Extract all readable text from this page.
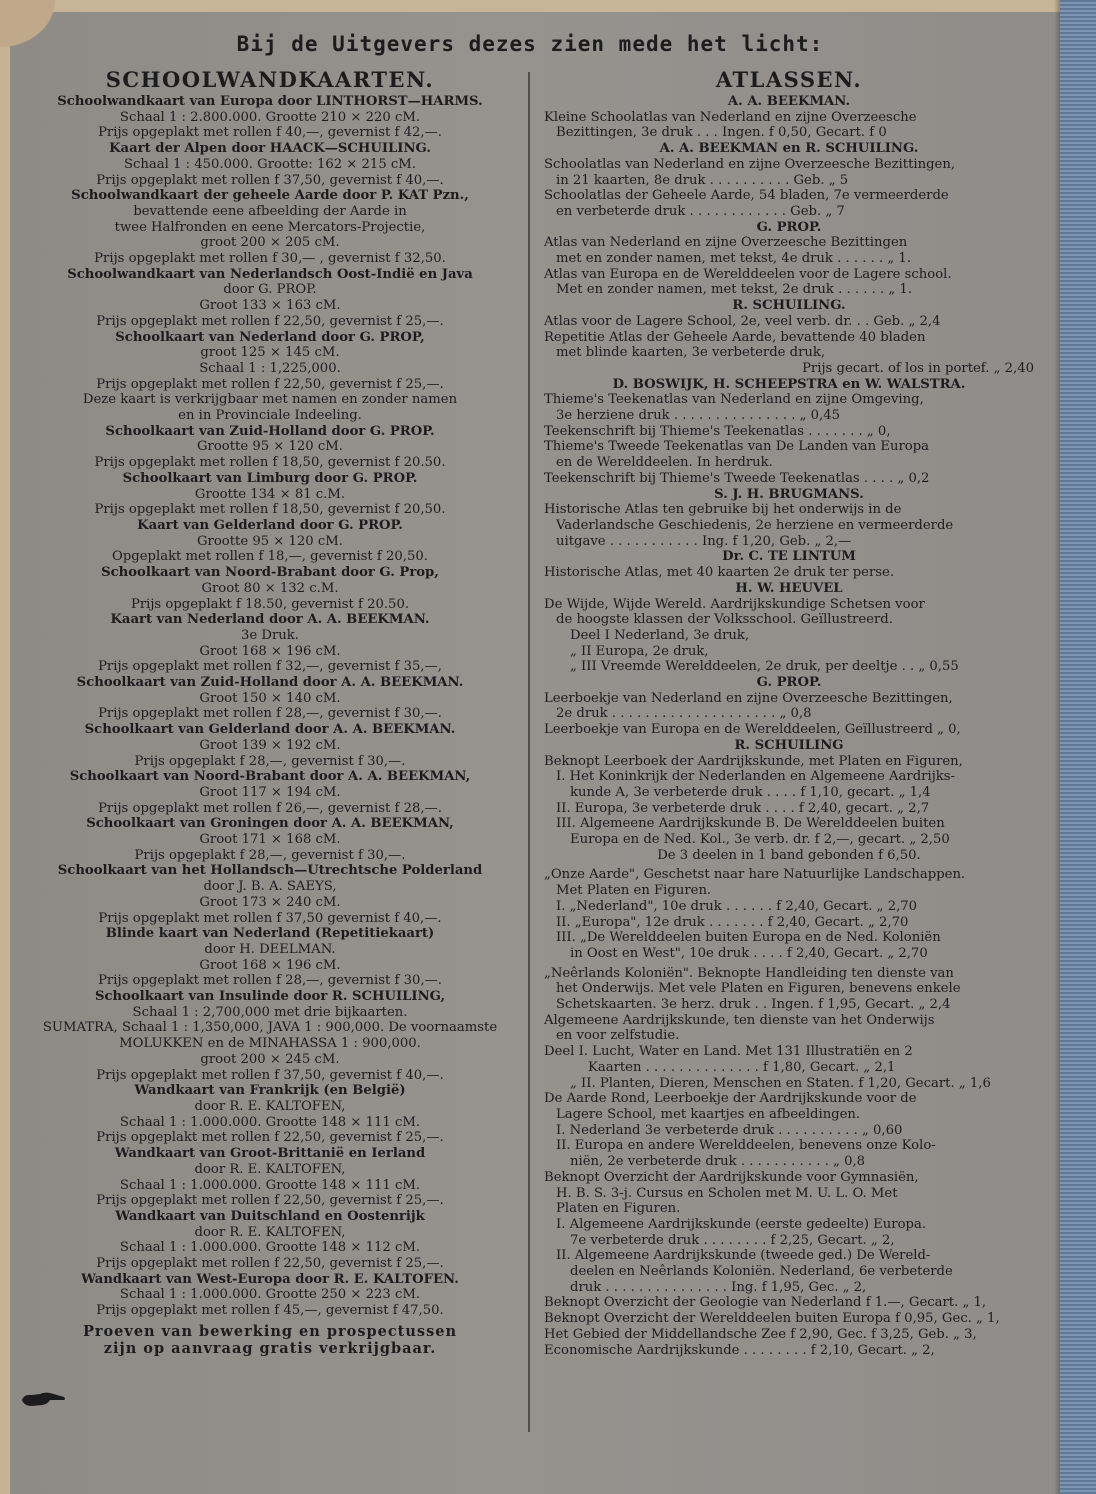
Bij de Uitgevers dezes zien mede het licht:
SCHOOLWANDKAARTEN.
Schoolwandkaart van Europa door LINTHORST—HARMS.
Schaal 1 : 2.800.000. Grootte 210 × 220 cM.
Prijs opgeplakt met rollen f 40,—, gevernist f 42,—.
Kaart der Alpen door HAACK—SCHUILING.
Schaal 1 : 450.000. Grootte: 162 × 215 cM.
Prijs opgeplakt met rollen f 37,50, gevernist f 40,—.
Schoolwandkaart der geheele Aarde door P. KAT Pzn.,
bevattende eene afbeelding der Aarde in
twee Halfronden en eene Mercators-Projectie,
groot 200 × 205 cM.
Prijs opgeplakt met rollen f 30,— , gevernist f 32,50.
Schoolwandkaart van Nederlandsch Oost-Indië en Java
door G. PROP.
Groot 133 × 163 cM.
Prijs opgeplakt met rollen f 22,50, gevernist f 25,—.
Schoolkaart van Nederland door G. PROP,
groot 125 × 145 cM.
Schaal 1 : 1,225,000.
Prijs opgeplakt met rollen f 22,50, gevernist f 25,—.
Deze kaart is verkrijgbaar met namen en zonder namen
en in Provinciale Indeeling.
Schoolkaart van Zuid-Holland door G. PROP.
Grootte 95 × 120 cM.
Prijs opgeplakt met rollen f 18,50, gevernist f 20.50.
Schoolkaart van Limburg door G. PROP.
Grootte 134 × 81 c.M.
Prijs opgeplakt met rollen f 18,50, gevernist f 20,50.
Kaart van Gelderland door G. PROP.
Grootte 95 × 120 cM.
Opgeplakt met rollen f 18,—, gevernist f 20,50.
Schoolkaart van Noord-Brabant door G. Prop,
Groot 80 × 132 c.M.
Prijs opgeplakt f 18.50, gevernist f 20.50.
Kaart van Nederland door A. A. BEEKMAN.
3e Druk.
Groot 168 × 196 cM.
Prijs opgeplakt met rollen f 32,—, gevernist f 35,—,
Schoolkaart van Zuid-Holland door A. A. BEEKMAN.
Groot 150 × 140 cM.
Prijs opgeplakt met rollen f 28,—, gevernist f 30,—.
Schoolkaart van Gelderland door A. A. BEEKMAN.
Groot 139 × 192 cM.
Prijs opgeplakt f 28,—, gevernist f 30,—.
Schoolkaart van Noord-Brabant door A. A. BEEKMAN,
Groot 117 × 194 cM.
Prijs opgeplakt met rollen f 26,—, gevernist f 28,—.
Schoolkaart van Groningen door A. A. BEEKMAN,
Groot 171 × 168 cM.
Prijs opgeplakt f 28,—, gevernist f 30,—.
Schoolkaart van het Hollandsch—Utrechtsche Polderland
door J. B. A. SAEYS,
Groot 173 × 240 cM.
Prijs opgeplakt met rollen f 37,50 gevernist f 40,—.
Blinde kaart van Nederland (Repetitiekaart)
door H. DEELMAN.
Groot 168 × 196 cM.
Prijs opgeplakt met rollen f 28,—, gevernist f 30,—.
Schoolkaart van Insulinde door R. SCHUILING,
Schaal 1 : 2,700,000 met drie bijkaarten.
SUMATRA, Schaal 1 : 1,350,000, JAVA 1 : 900,000. De voornaamste
MOLUKKEN en de MINAHASSA 1 : 900,000.
groot 200 × 245 cM.
Prijs opgeplakt met rollen f 37,50, gevernist f 40,—.
Wandkaart van Frankrijk (en België)
door R. E. KALTOFEN,
Schaal 1 : 1.000.000. Grootte 148 × 111 cM.
Prijs opgeplakt met rollen f 22,50, gevernist f 25,—.
Wandkaart van Groot-Brittanië en Ierland
door R. E. KALTOFEN,
Schaal 1 : 1.000.000. Grootte 148 × 111 cM.
Prijs opgeplakt met rollen f 22,50, gevernist f 25,—.
Wandkaart van Duitschland en Oostenrijk
door R. E. KALTOFEN,
Schaal 1 : 1.000.000. Grootte 148 × 112 cM.
Prijs opgeplakt met rollen f 22,50, gevernist f 25,—.
Wandkaart van West-Europa door R. E. KALTOFEN.
Schaal 1 : 1.000.000. Grootte 250 × 223 cM.
Prijs opgeplakt met rollen f 45,—, gevernist f 47,50.
Proeven van bewerking en prospectussen
zijn op aanvraag gratis verkrijgbaar.
ATLASSEN.
A. A. BEEKMAN.
Kleine Schoolatlas van Nederland en zijne Overzeesche
Bezittingen, 3e druk . . . Ingen. f 0,50, Gecart. f 0
A. A. BEEKMAN en R. SCHUILING.
Schoolatlas van Nederland en zijne Overzeesche Bezittingen,
in 21 kaarten, 8e druk . . . . . . . . . . Geb. „ 5
Schoolatlas der Geheele Aarde, 54 bladen, 7e vermeerderde
en verbeterde druk . . . . . . . . . . . . Geb. „ 7
G. PROP.
Atlas van Nederland en zijne Overzeesche Bezittingen
met en zonder namen, met tekst, 4e druk . . . . . . „ 1.
Atlas van Europa en de Werelddeelen voor de Lagere school.
Met en zonder namen, met tekst, 2e druk . . . . . . „ 1.
R. SCHUILING.
Atlas voor de Lagere School, 2e, veel verb. dr. . . Geb. „ 2,4
Repetitie Atlas der Geheele Aarde, bevattende 40 bladen
met blinde kaarten, 3e verbeterde druk,
Prijs gecart. of los in portef. „ 2,40
D. BOSWIJK, H. SCHEEPSTRA en W. WALSTRA.
Thieme's Teekenatlas van Nederland en zijne Omgeving,
3e herziene druk . . . . . . . . . . . . . . . „ 0,45
Teekenschrift bij Thieme's Teekenatlas . . . . . . . „ 0,
Thieme's Tweede Teekenatlas van De Landen van Europa
en de Werelddeelen. In herdruk.
Teekenschrift bij Thieme's Tweede Teekenatlas . . . . „ 0,2
S. J. H. BRUGMANS.
Historische Atlas ten gebruike bij het onderwijs in de
Vaderlandsche Geschiedenis, 2e herziene en vermeerderde
uitgave . . . . . . . . . . . Ing. f 1,20, Geb. „ 2,—
Dr. C. TE LINTUM
Historische Atlas, met 40 kaarten 2e druk ter perse.
H. W. HEUVEL
De Wijde, Wijde Wereld. Aardrijkskundige Schetsen voor
de hoogste klassen der Volksschool. Geïllustreerd.
Deel I Nederland, 3e druk,
„ II Europa, 2e druk,
„ III Vreemde Werelddeelen, 2e druk, per deeltje . . „ 0,55
G. PROP.
Leerboekje van Nederland en zijne Overzeesche Bezittingen,
2e druk . . . . . . . . . . . . . . . . . . . . „ 0,8
Leerboekje van Europa en de Werelddeelen, Geïllustreerd „ 0,
R. SCHUILING
Beknopt Leerboek der Aardrijkskunde, met Platen en Figuren,
I. Het Koninkrijk der Nederlanden en Algemeene Aardrijks-
kunde A, 3e verbeterde druk . . . . f 1,10, gecart. „ 1,4
II. Europa, 3e verbeterde druk . . . . f 2,40, gecart. „ 2,7
III. Algemeene Aardrijkskunde B. De Werelddeelen buiten
Europa en de Ned. Kol., 3e verb. dr. f 2,—, gecart. „ 2,50
De 3 deelen in 1 band gebonden f 6,50.
„Onze Aarde", Geschetst naar hare Natuurlijke Landschappen.
Met Platen en Figuren.
I. „Nederland", 10e druk . . . . . . f 2,40, Gecart. „ 2,70
II. „Europa", 12e druk . . . . . . . f 2,40, Gecart. „ 2,70
III. „De Werelddeelen buiten Europa en de Ned. Koloniën
in Oost en West", 10e druk . . . . f 2,40, Gecart. „ 2,70
„Neêrlands Koloniën". Beknopte Handleiding ten dienste van
het Onderwijs. Met vele Platen en Figuren, benevens enkele
Schetskaarten. 3e herz. druk . . Ingen. f 1,95, Gecart. „ 2,4
Algemeene Aardrijkskunde, ten dienste van het Onderwijs
en voor zelfstudie.
Deel I. Lucht, Water en Land. Met 131 Illustratiën en 2
Kaarten . . . . . . . . . . . . . . f 1,80, Gecart. „ 2,1
„ II. Planten, Dieren, Menschen en Staten. f 1,20, Gecart. „ 1,6
De Aarde Rond, Leerboekje der Aardrijkskunde voor de
Lagere School, met kaartjes en afbeeldingen.
I. Nederland 3e verbeterde druk . . . . . . . . . . „ 0,60
II. Europa en andere Werelddeelen, benevens onze Kolo-
niën, 2e verbeterde druk . . . . . . . . . . . „ 0,8
Beknopt Overzicht der Aardrijkskunde voor Gymnasiën,
H. B. S. 3-j. Cursus en Scholen met M. U. L. O. Met
Platen en Figuren.
I. Algemeene Aardrijkskunde (eerste gedeelte) Europa.
7e verbeterde druk . . . . . . . . f 2,25, Gecart. „ 2,
II. Algemeene Aardrijkskunde (tweede ged.) De Wereld-
deelen en Neêrlands Koloniën. Nederland, 6e verbeterde
druk . . . . . . . . . . . . . . . Ing. f 1,95, Gec. „ 2,
Beknopt Overzicht der Geologie van Nederland f 1.—, Gecart. „ 1,
Beknopt Overzicht der Werelddeelen buiten Europa f 0,95, Gec. „ 1,
Het Gebied der Middellandsche Zee f 2,90, Gec. f 3,25, Geb. „ 3,
Economische Aardrijkskunde . . . . . . . . f 2,10, Gecart. „ 2,
